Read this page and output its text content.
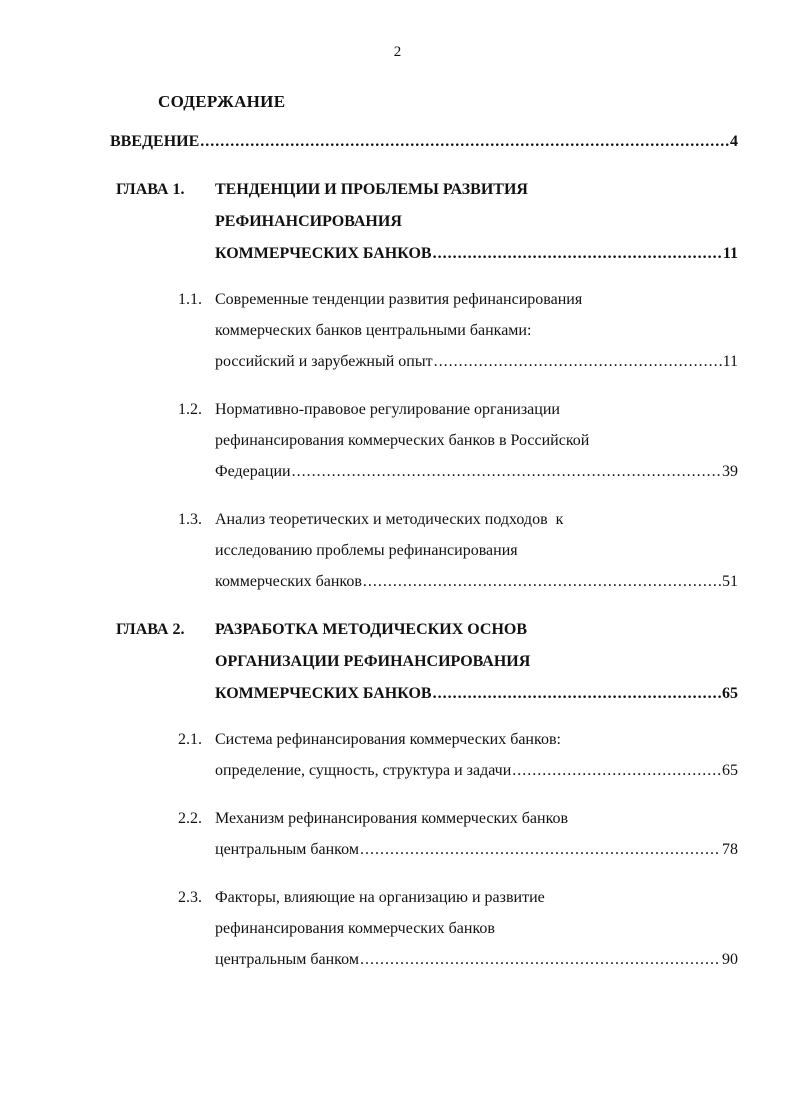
2
СОДЕРЖАНИЕ
ВВЕДЕНИЕ .....	4
ГЛАВА 1. ТЕНДЕНЦИИ И ПРОБЛЕМЫ РАЗВИТИЯ
РЕФИНАНСИРОВАНИЯ
КОММЕРЧЕСКИХ БАНКОВ .....	11
1.1. Современные тенденции развития рефинансирования
коммерческих банков центральными банками:
российский и зарубежный опыт .....	11
1.2. Нормативно-правовое регулирование организации
рефинансирования коммерческих банков в Российской
Федерации .....	39
1.3. Анализ теоретических и методических подходов  к
исследованию проблемы рефинансирования
коммерческих банков .....	51
ГЛАВА 2. РАЗРАБОТКА МЕТОДИЧЕСКИХ ОСНОВ
ОРГАНИЗАЦИИ РЕФИНАНСИРОВАНИЯ
КОММЕРЧЕСКИХ БАНКОВ .....	65
2.1. Система рефинансирования коммерческих банков:
определение, сущность, структура и задачи .....	65
2.2. Механизм рефинансирования коммерческих банков
центральным банком .....	78
2.3. Факторы, влияющие на организацию и развитие
рефинансирования коммерческих банков
центральным банком .....	90
